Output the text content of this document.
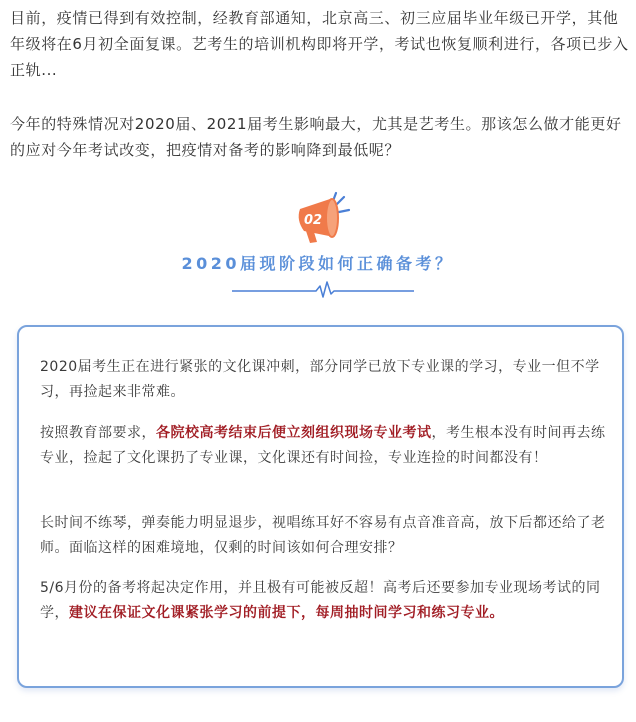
目前，疫情已得到有效控制，经教育部通知，北京高三、初三应届毕业年级已开学，其他年级将在6月初全面复课。艺考生的培训机构即将开学，考试也恢复顺利进行，各项已步入正轨...

今年的特殊情况对2020届、2021届考生影响最大，尤其是艺考生。那该怎么做才能更好的应对今年考试改变，把疫情对备考的影响降到最低呢？

02
2020届现阶段如何正确备考？

2020届考生正在进行紧张的文化课冲刺，部分同学已放下专业课的学习，专业一但不学习，再捡起来非常难。

按照教育部要求，各院校高考结束后便立刻组织现场专业考试，考生根本没有时间再去练专业，捡起了文化课扔了专业课，文化课还有时间捡，专业连捡的时间都没有！

长时间不练琴，弹奏能力明显退步，视唱练耳好不容易有点音准音高，放下后都还给了老师。面临这样的困难境地，仅剩的时间该如何合理安排？

5/6月份的备考将起决定作用，并且极有可能被反超！高考后还要参加专业现场考试的同学，建议在保证文化课紧张学习的前提下，每周抽时间学习和练习专业。
